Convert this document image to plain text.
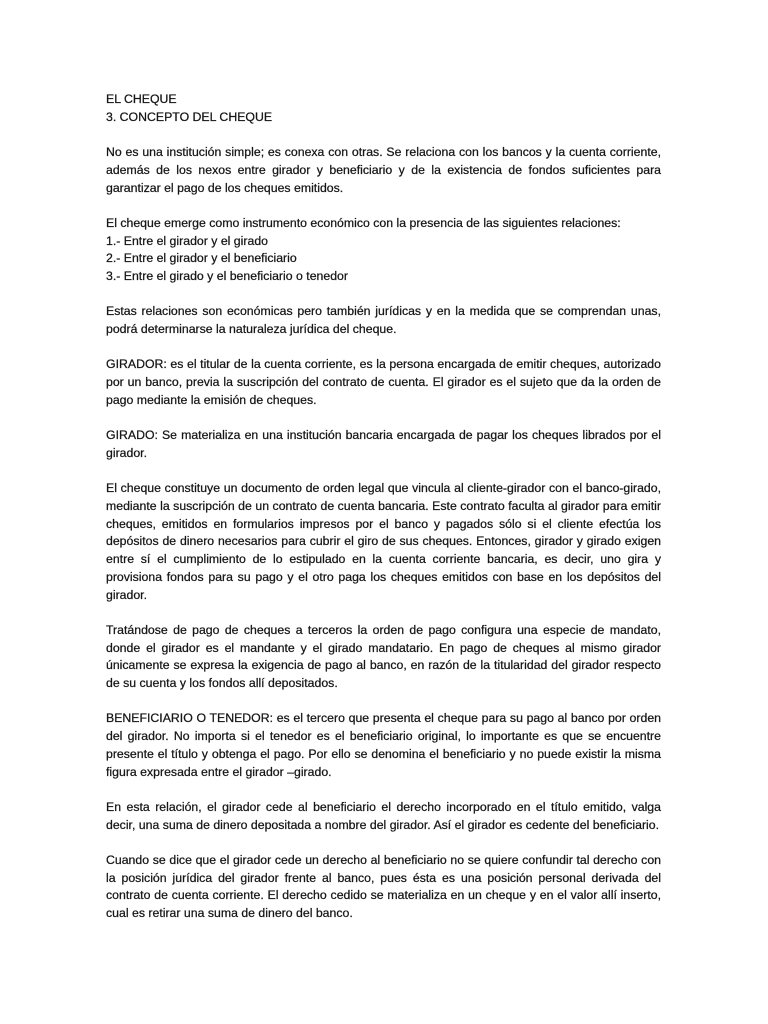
EL CHEQUE
3. CONCEPTO DEL CHEQUE

No es una institución simple; es conexa con otras. Se relaciona con los bancos y la cuenta corriente, además de los nexos entre girador y beneficiario y de la existencia de fondos suficientes para garantizar el pago de los cheques emitidos.

El cheque emerge como instrumento económico con la presencia de las siguientes relaciones:

1.- Entre el girador y el girado
2.- Entre el girador y el beneficiario
3.- Entre el girado y el beneficiario o tenedor

Estas relaciones son económicas pero también jurídicas y en la medida que se comprendan unas, podrá determinarse la naturaleza jurídica del cheque.

GIRADOR: es el titular de la cuenta corriente, es la persona encargada de emitir cheques, autorizado por un banco, previa la suscripción del contrato de cuenta. El girador es el sujeto que da la orden de pago mediante la emisión de cheques.

GIRADO: Se materializa en una institución bancaria encargada de pagar los cheques librados por el girador.

El cheque constituye un documento de orden legal que vincula al cliente-girador con el banco-girado, mediante la suscripción de un contrato de cuenta bancaria. Este contrato faculta al girador para emitir cheques, emitidos en formularios impresos por el banco y pagados sólo si el cliente efectúa los depósitos de dinero necesarios para cubrir el giro de sus cheques. Entonces, girador y girado exigen entre sí el cumplimiento de lo estipulado en la cuenta corriente bancaria, es decir, uno gira y provisiona fondos para su pago y el otro paga los cheques emitidos con base en los depósitos del girador.

Tratándose de pago de cheques a terceros la orden de pago configura una especie de mandato, donde el girador es el mandante y el girado mandatario. En pago de cheques al mismo girador únicamente se expresa la exigencia de pago al banco, en razón de la titularidad del girador respecto de su cuenta y los fondos allí depositados.

BENEFICIARIO O TENEDOR: es el tercero que presenta el cheque para su pago al banco por orden del girador. No importa si el tenedor es el beneficiario original, lo importante es que se encuentre presente el título y obtenga el pago. Por ello se denomina el beneficiario y no puede existir la misma figura expresada entre el girador –girado.

En esta relación, el girador cede al beneficiario el derecho incorporado en el título emitido, valga decir, una suma de dinero depositada a nombre del girador. Así el girador es cedente del beneficiario.

Cuando se dice que el girador cede un derecho al beneficiario no se quiere confundir tal derecho con la posición jurídica del girador frente al banco, pues ésta es una posición personal derivada del contrato de cuenta corriente. El derecho cedido se materializa en un cheque y en el valor allí inserto, cual es retirar una suma de dinero del banco.
